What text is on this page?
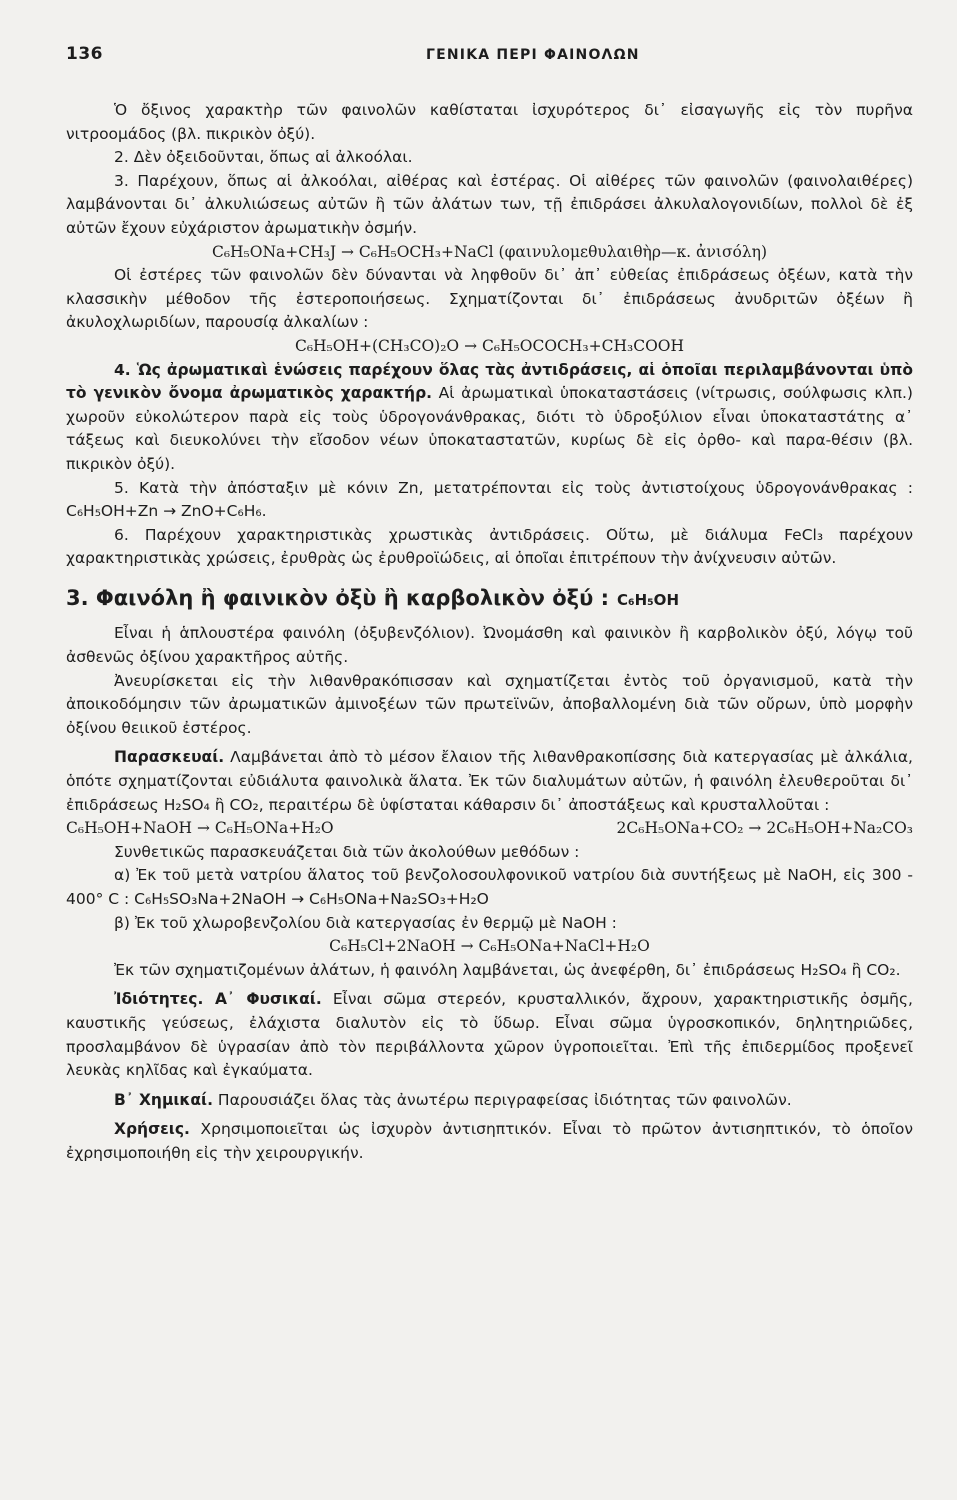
136	ΓΕΝΙΚΑ ΠΕΡΙ ΦΑΙΝΟΛΩΝ

Ὁ ὄξινος χαρακτὴρ τῶν φαινολῶν καθίσταται ἰσχυρότερος δι᾽ εἰσαγωγῆς εἰς τὸν πυρῆνα νιτροομάδος (βλ. πικρικὸν ὀξύ).

2. Δὲν ὀξειδοῦνται, ὅπως αἱ ἀλκοόλαι.

3. Παρέχουν, ὅπως αἱ ἀλκοόλαι, αἰθέρας καὶ ἐστέρας. Οἱ αἰθέρες τῶν φαινολῶν (φαινολαιθέρες) λαμβάνονται δι᾽ ἀλκυλιώσεως αὐτῶν ἢ τῶν ἀλάτων των, τῇ ἐπιδράσει ἀλκυλαλογονιδίων, πολλοὶ δὲ ἐξ αὐτῶν ἔχουν εὐχάριστον ἀρωματικὴν ὀσμήν.

C₆H₅ONa+CH₃J → C₆H₅OCH₃+NaCl (φαινυλομεθυλαιθὴρ—κ. ἀνισόλη)

Οἱ ἐστέρες τῶν φαινολῶν δὲν δύνανται νὰ ληφθοῦν δι᾽ ἀπ᾽ εὐθείας ἐπιδράσεως ὀξέων, κατὰ τὴν κλασσικὴν μέθοδον τῆς ἐστεροποιήσεως. Σχηματίζονται δι᾽ ἐπιδράσεως ἀνυδριτῶν ὀξέων ἢ ἀκυλοχλωριδίων, παρουσίᾳ ἀλκαλίων :

C₆H₅OH+(CH₃CO)₂O → C₆H₅OCOCH₃+CH₃COOH

4. Ὡς ἀρωματικαὶ ἑνώσεις παρέχουν ὅλας τὰς ἀντιδράσεις, αἱ ὁποῖαι περιλαμβάνονται ὑπὸ τὸ γενικὸν ὄνομα ἀρωματικὸς χαρακτήρ. Αἱ ἀρωματικαὶ ὑποκαταστάσεις (νίτρωσις, σούλφωσις κλπ.) χωροῦν εὐκολώτερον παρὰ εἰς τοὺς ὑδρογονάνθρακας, διότι τὸ ὑδροξύλιον εἶναι ὑποκαταστάτης α᾽ τάξεως καὶ διευκολύνει τὴν εἴσοδον νέων ὑποκαταστατῶν, κυρίως δὲ εἰς ὀρθο- καὶ παρα-θέσιν (βλ. πικρικὸν ὀξύ).

5. Κατὰ τὴν ἀπόσταξιν μὲ κόνιν Zn, μετατρέπονται εἰς τοὺς ἀντιστοίχους ὑδρογονάνθρακας : C₆H₅OH+Zn → ZnO+C₆H₆.

6. Παρέχουν χαρακτηριστικὰς χρωστικὰς ἀντιδράσεις. Οὕτω, μὲ διάλυμα FeCl₃ παρέχουν χαρακτηριστικὰς χρώσεις, ἐρυθρὰς ὡς ἐρυθροϊώδεις, αἱ ὁποῖαι ἐπιτρέπουν τὴν ἀνίχνευσιν αὐτῶν.

3. Φαινόλη ἢ φαινικὸν ὀξὺ ἢ καρβολικὸν ὀξύ : C₆H₅OH

Εἶναι ἡ ἁπλουστέρα φαινόλη (ὀξυβενζόλιον). Ὠνομάσθη καὶ φαινικὸν ἢ καρβολικὸν ὀξύ, λόγῳ τοῦ ἀσθενῶς ὀξίνου χαρακτῆρος αὐτῆς.

Ἀνευρίσκεται εἰς τὴν λιθανθρακόπισσαν καὶ σχηματίζεται ἐντὸς τοῦ ὀργανισμοῦ, κατὰ τὴν ἀποικοδόμησιν τῶν ἀρωματικῶν ἀμινοξέων τῶν πρωτεϊνῶν, ἀποβαλλομένη διὰ τῶν οὔρων, ὑπὸ μορφὴν ὀξίνου θειικοῦ ἐστέρος.

Παρασκευαί. Λαμβάνεται ἀπὸ τὸ μέσον ἔλαιον τῆς λιθανθρακοπίσσης διὰ κατεργασίας μὲ ἀλκάλια, ὁπότε σχηματίζονται εὐδιάλυτα φαινολικὰ ἅλατα. Ἐκ τῶν διαλυμάτων αὐτῶν, ἡ φαινόλη ἐλευθεροῦται δι᾽ ἐπιδράσεως H₂SO₄ ἢ CO₂, περαιτέρω δὲ ὑφίσταται κάθαρσιν δι᾽ ἀποστάξεως καὶ κρυσταλλοῦται :

C₆H₅OH+NaOH → C₆H₅ONa+H₂O	2C₆H₅ONa+CO₂ → 2C₆H₅OH+Na₂CO₃

Συνθετικῶς παρασκευάζεται διὰ τῶν ἀκολούθων μεθόδων :

α) Ἐκ τοῦ μετὰ νατρίου ἅλατος τοῦ βενζολοσουλφονικοῦ νατρίου διὰ συντήξεως μὲ NaOH, εἰς 300 - 400° C : C₆H₅SO₃Na+2NaOH → C₆H₅ONa+Na₂SO₃+H₂O

β) Ἐκ τοῦ χλωροβενζολίου διὰ κατεργασίας ἐν θερμῷ μὲ NaOH :

C₆H₅Cl+2NaOH → C₆H₅ONa+NaCl+H₂O

Ἐκ τῶν σχηματιζομένων ἀλάτων, ἡ φαινόλη λαμβάνεται, ὡς ἀνεφέρθη, δι᾽ ἐπιδράσεως H₂SO₄ ἢ CO₂.

Ἰδιότητες. Α᾽ Φυσικαί. Εἶναι σῶμα στερεόν, κρυσταλλικόν, ἄχρουν, χαρακτηριστικῆς ὀσμῆς, καυστικῆς γεύσεως, ἐλάχιστα διαλυτὸν εἰς τὸ ὕδωρ. Εἶναι σῶμα ὑγροσκοπικόν, δηλητηριῶδες, προσλαμβάνον δὲ ὑγρασίαν ἀπὸ τὸν περιβάλλοντα χῶρον ὑγροποιεῖται. Ἐπὶ τῆς ἐπιδερμίδος προξενεῖ λευκὰς κηλῖδας καὶ ἐγκαύματα.

Β᾽ Χημικαί. Παρουσιάζει ὅλας τὰς ἀνωτέρω περιγραφείσας ἰδιότητας τῶν φαινολῶν.

Χρήσεις. Χρησιμοποιεῖται ὡς ἰσχυρὸν ἀντισηπτικόν. Εἶναι τὸ πρῶτον ἀντισηπτικόν, τὸ ὁποῖον ἐχρησιμοποιήθη εἰς τὴν χειρουργικήν.
